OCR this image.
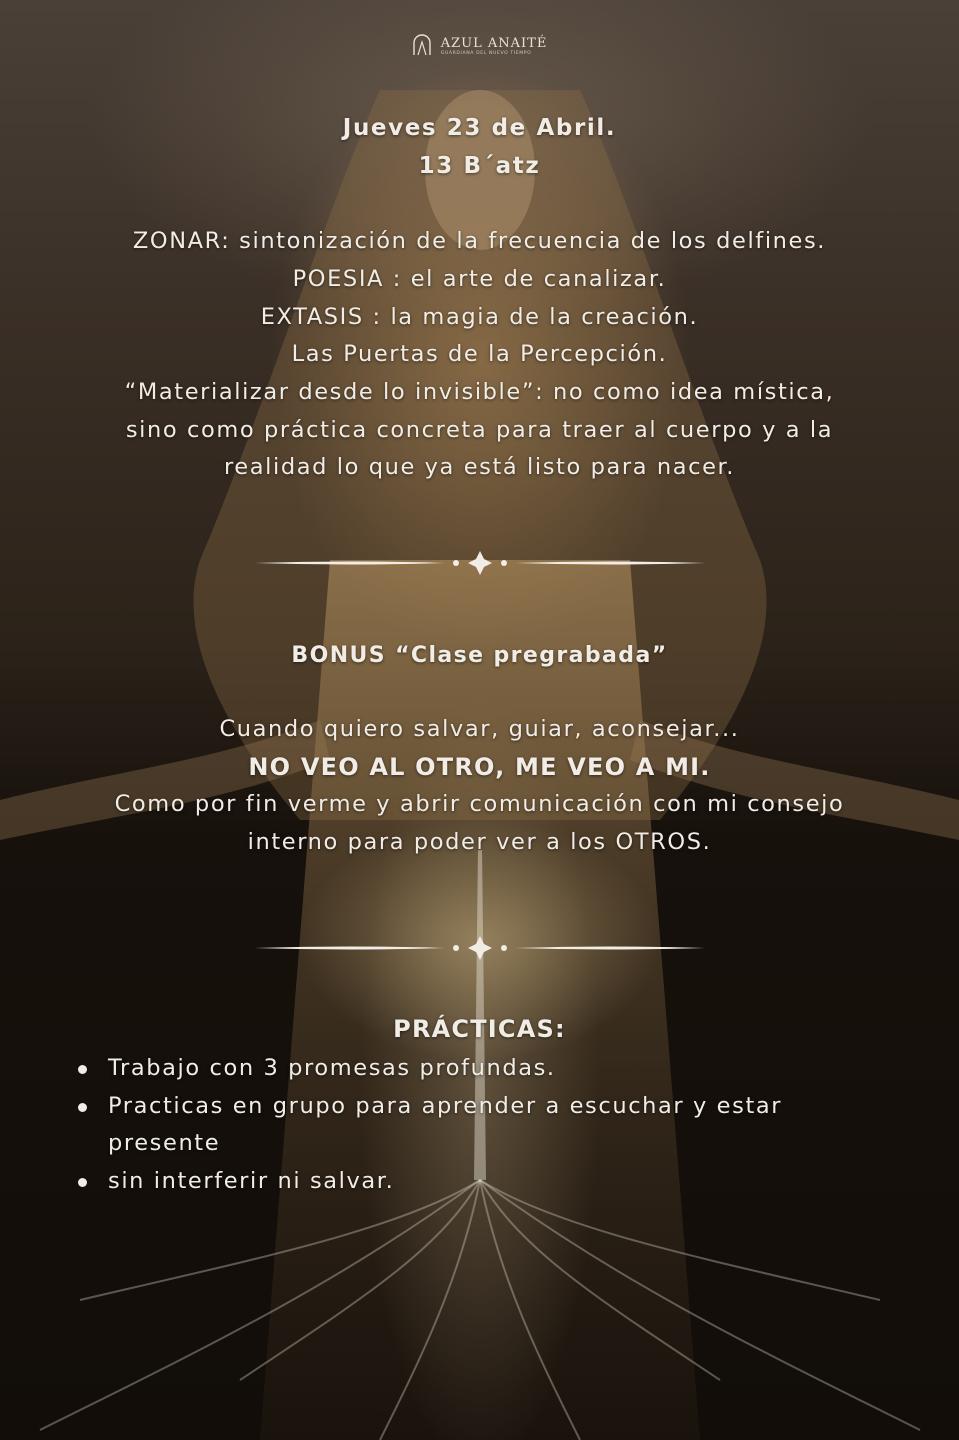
AZUL ANAITÉ
GUARDIANA DEL NUEVO TIEMPO
Jueves 23 de Abril.
13 B´atz
ZONAR: sintonización de la frecuencia de los delfines.
POESIA : el arte de canalizar.
EXTASIS : la magia de la creación.
Las Puertas de la Percepción.
“Materializar desde lo invisible”: no como idea mística,
sino como práctica concreta para traer al cuerpo y a la
realidad lo que ya está listo para nacer.
BONUS “Clase pregrabada”
Cuando quiero salvar, guiar, aconsejar...
NO VEO AL OTRO, ME VEO A MI.
Como por fin verme y abrir comunicación con mi consejo
interno para poder ver a los OTROS.
PRÁCTICAS:
Trabajo con 3 promesas profundas.
Practicas en grupo para aprender a escuchar y estar presente
sin interferir ni salvar.
